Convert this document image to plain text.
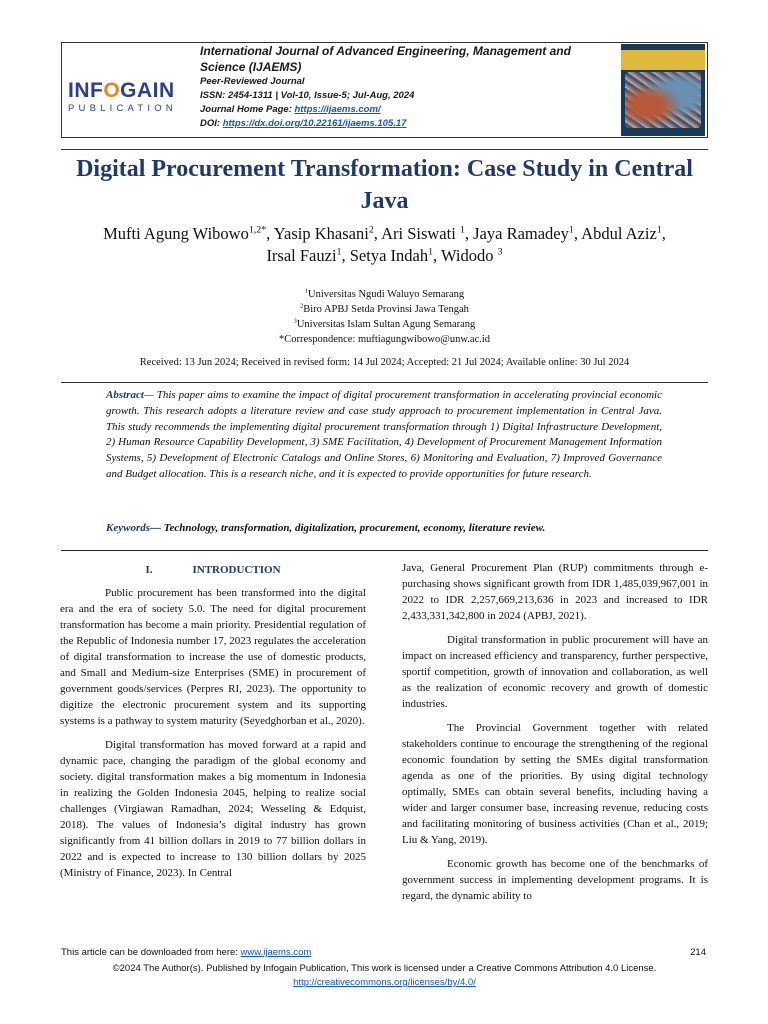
INFOGAIN
PUBLICATION
International Journal of Advanced Engineering, Management and Science (IJAEMS)
Peer-Reviewed Journal
ISSN: 2454-1311 | Vol-10, Issue-5; Jul-Aug, 2024
Journal Home Page: https://ijaems.com/
DOI: https://dx.doi.org/10.22161/ijaems.105.17
Digital Procurement Transformation: Case Study in Central Java
Mufti Agung Wibowo$^{1,2*}$, Yasip Khasani$^2$, Ari Siswati $^1$, Jaya Ramadey$^1$, Abdul Aziz$^1$,
Irsal Fauzi$^1$, Setya Indah$^1$, Widodo $^3$
$^1$Universitas Ngudi Waluyo Semarang
$^2$Biro APBJ Setda Provinsi Jawa Tengah
$^3$Universitas Islam Sultan Agung Semarang
*Correspondence: muftiagungwibowo@unw.ac.id
Received: 13 Jun 2024; Received in revised form: 14 Jul 2024; Accepted: 21 Jul 2024; Available online: 30 Jul 2024
Abstract— This paper aims to examine the impact of digital procurement transformation in accelerating provincial economic growth. This research adopts a literature review and case study approach to procurement implementation in Central Java. This study recommends the implementing digital procurement transformation through 1) Digital Infrastructure Development, 2) Human Resource Capability Development, 3) SME Facilitation, 4) Development of Procurement Management Information Systems, 5) Development of Electronic Catalogs and Online Stores, 6) Monitoring and Evaluation, 7) Improved Governance and Budget allocation. This is a research niche, and it is expected to provide opportunities for future research.
Keywords— Technology, transformation, digitalization, procurement, economy, literature review.
I.	INTRODUCTION

Public procurement has been transformed into the digital era and the era of society 5.0. The need for digital procurement transformation has become a main priority. Presidential regulation of the Republic of Indonesia number 17, 2023 regulates the acceleration of digital transformation to increase the use of domestic products, and Small and Medium-size Enterprises (SME) in procurement of government goods/services (Perpres RI, 2023). The opportunity to digitize the electronic procurement system and its supporting systems is a pathway to system maturity (Seyedghorban et al., 2020).

Digital transformation has moved forward at a rapid and dynamic pace, changing the paradigm of the global economy and society. digital transformation makes a big momentum in Indonesia in realizing the Golden Indonesia 2045, helping to realize social challenges (Virgiawan Ramadhan, 2024; Wesseling & Edquist, 2018). The values of Indonesia’s digital industry has grown significantly from 41 billion dollars in 2019 to 77 billion dollars in 2022 and is expected to increase to 130 billion dollars by 2025 (Ministry of Finance, 2023). In Central

Java, General Procurement Plan (RUP) commitments through e-purchasing shows significant growth from IDR 1,485,039,967,001 in 2022 to IDR 2,257,669,213,636 in 2023 and increased to IDR 2,433,331,342,800 in 2024 (APBJ, 2021).

Digital transformation in public procurement will have an impact on increased efficiency and transparency, further perspective, sportif competition, growth of innovation and collaboration, as well as the realization of economic recovery and growth of domestic industries.

The Provincial Government together with related stakeholders continue to encourage the strengthening of the regional economic foundation by setting the SMEs digital transformation agenda as one of the priorities. By using digital technology optimally, SMEs can obtain several benefits, including having a wider and larger consumer base, increasing revenue, reducing costs and facilitating monitoring of business activities (Chan et al., 2019; Liu & Yang, 2019).

Economic growth has become one of the benchmarks of government success in implementing development programs. It is regard, the dynamic ability to

This article can be downloaded from here: www.ijaems.com	214
©2024 The Author(s). Published by Infogain Publication, This work is licensed under a Creative Commons Attribution 4.0 License.
http://creativecommons.org/licenses/by/4.0/
